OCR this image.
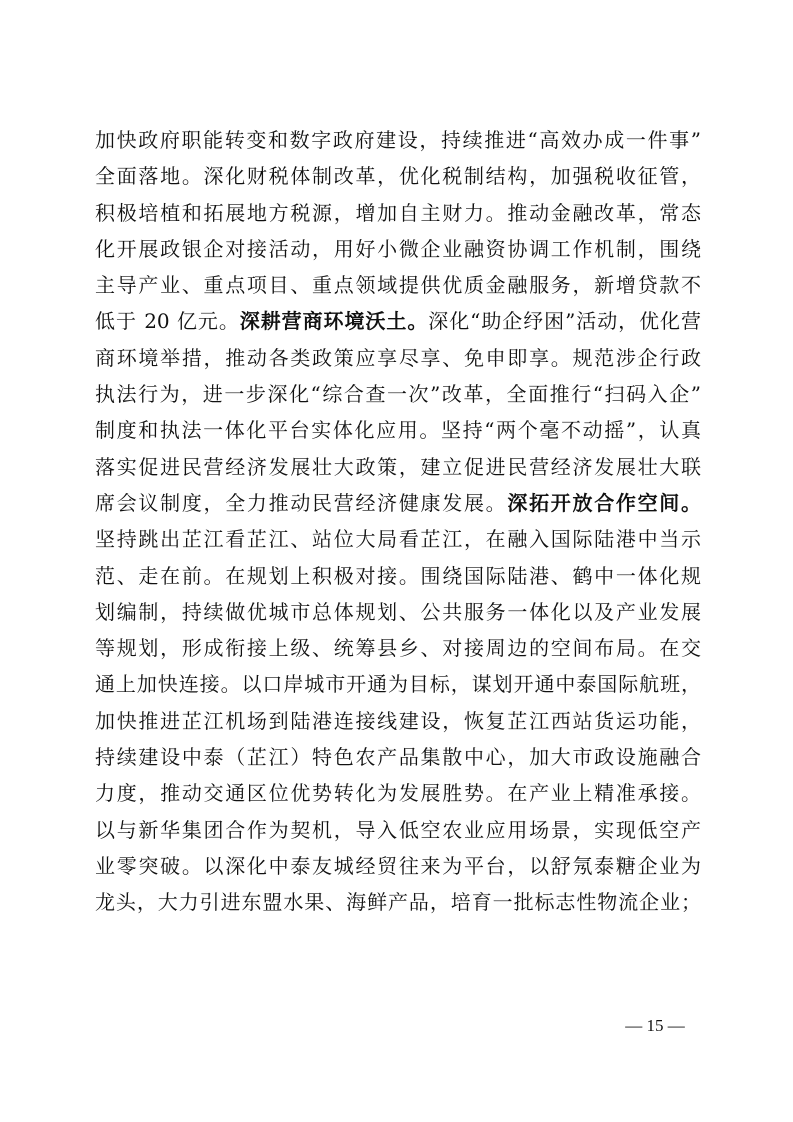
加快政府职能转变和数字政府建设，持续推进“高效办成一件事”
全面落地。深化财税体制改革，优化税制结构，加强税收征管，
积极培植和拓展地方税源，增加自主财力。推动金融改革，常态
化开展政银企对接活动，用好小微企业融资协调工作机制，围绕
主导产业、重点项目、重点领域提供优质金融服务，新增贷款不
低于 20 亿元。深耕营商环境沃土。深化“助企纾困”活动，优化营
商环境举措，推动各类政策应享尽享、免申即享。规范涉企行政
执法行为，进一步深化“综合查一次”改革，全面推行“扫码入企”
制度和执法一体化平台实体化应用。坚持“两个毫不动摇”，认真
落实促进民营经济发展壮大政策，建立促进民营经济发展壮大联
席会议制度，全力推动民营经济健康发展。深拓开放合作空间。
坚持跳出芷江看芷江、站位大局看芷江，在融入国际陆港中当示
范、走在前。在规划上积极对接。围绕国际陆港、鹤中一体化规
划编制，持续做优城市总体规划、公共服务一体化以及产业发展
等规划，形成衔接上级、统筹县乡、对接周边的空间布局。在交
通上加快连接。以口岸城市开通为目标，谋划开通中泰国际航班，
加快推进芷江机场到陆港连接线建设，恢复芷江西站货运功能，
持续建设中泰（芷江）特色农产品集散中心，加大市政设施融合
力度，推动交通区位优势转化为发展胜势。在产业上精准承接。
以与新华集团合作为契机，导入低空农业应用场景，实现低空产
业零突破。以深化中泰友城经贸往来为平台，以舒氖泰糖企业为
龙头，大力引进东盟水果、海鲜产品，培育一批标志性物流企业；
— 15 —
